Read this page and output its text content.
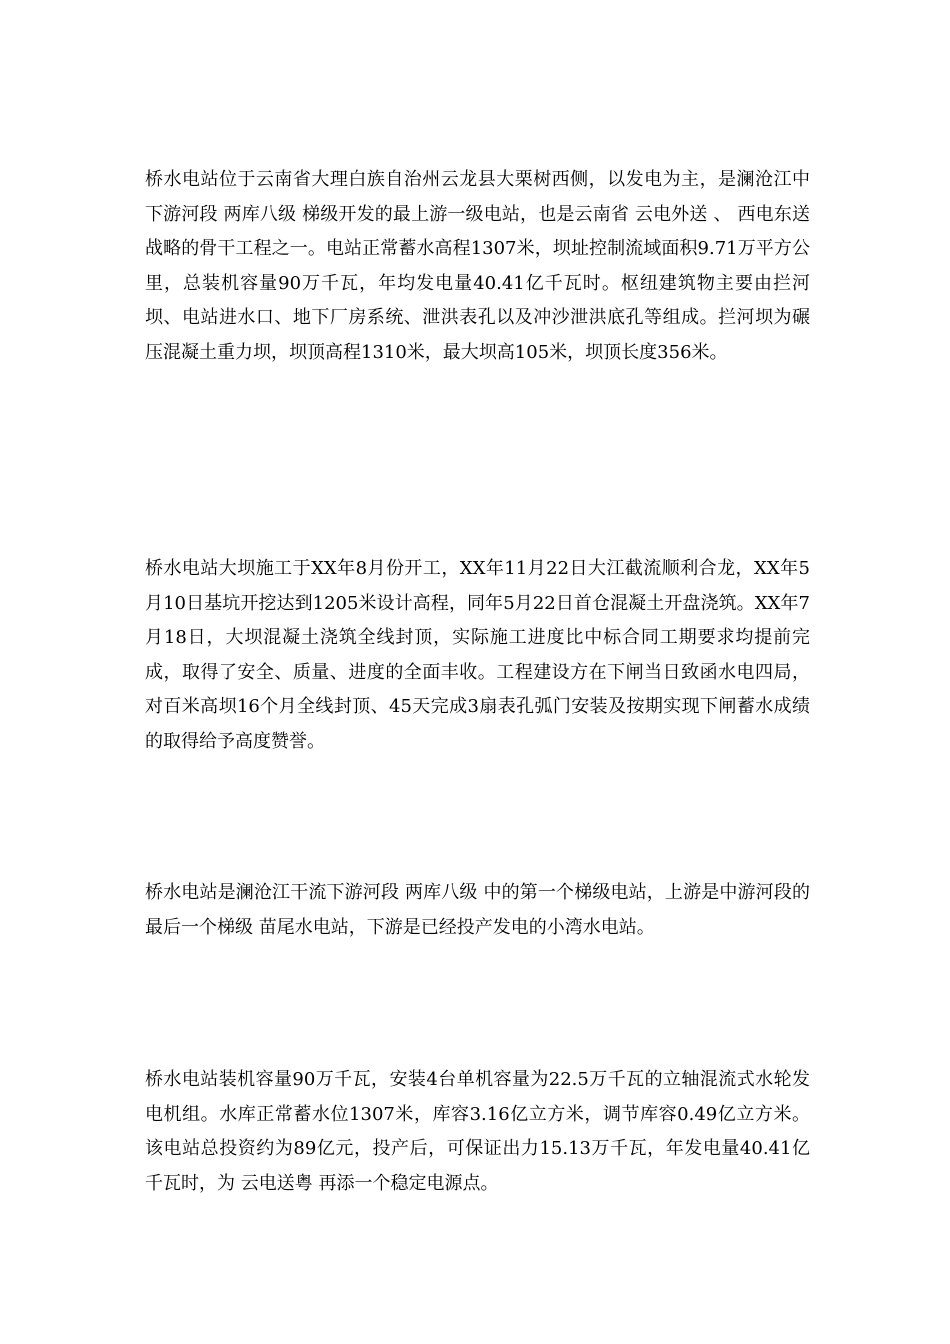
桥水电站位于云南省大理白族自治州云龙县大栗树西侧，以发电为主，是澜沧江中下游河段 两库八级 梯级开发的最上游一级电站，也是云南省 云电外送 、 西电东送 战略的骨干工程之一。电站正常蓄水高程1307米，坝址控制流域面积9.71万平方公里，总装机容量90万千瓦，年均发电量40.41亿千瓦时。枢纽建筑物主要由拦河坝、电站进水口、地下厂房系统、泄洪表孔以及冲沙泄洪底孔等组成。拦河坝为碾压混凝土重力坝，坝顶高程1310米，最大坝高105米，坝顶长度356米。

桥水电站大坝施工于XX年8月份开工，XX年11月22日大江截流顺利合龙，XX年5月10日基坑开挖达到1205米设计高程，同年5月22日首仓混凝土开盘浇筑。XX年7月18日，大坝混凝土浇筑全线封顶，实际施工进度比中标合同工期要求均提前完成，取得了安全、质量、进度的全面丰收。工程建设方在下闸当日致函水电四局，对百米高坝16个月全线封顶、45天完成3扇表孔弧门安装及按期实现下闸蓄水成绩的取得给予高度赞誉。

桥水电站是澜沧江干流下游河段 两库八级 中的第一个梯级电站，上游是中游河段的最后一个梯级 苗尾水电站，下游是已经投产发电的小湾水电站。

桥水电站装机容量90万千瓦，安装4台单机容量为22.5万千瓦的立轴混流式水轮发电机组。水库正常蓄水位1307米，库容3.16亿立方米，调节库容0.49亿立方米。该电站总投资约为89亿元，投产后，可保证出力15.13万千瓦，年发电量40.41亿千瓦时，为 云电送粤 再添一个稳定电源点。
